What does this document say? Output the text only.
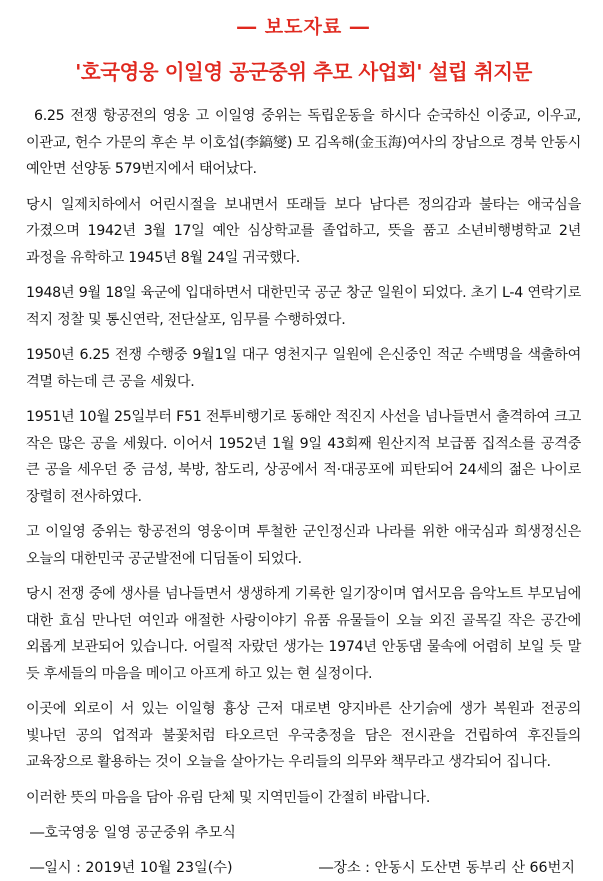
― 보도자료 ―
'호국영웅 이일영 공군중위 추모 사업회' 설립 취지문

6.25 전쟁 항공전의 영웅 고 이일영 중위는 독립운동을 하시다 순국하신 이중교, 이우교, 이관교, 헌수 가문의 후손 부 이호섭(李鎬燮) 모 김옥해(金玉海)여사의 장남으로 경북 안동시 예안면 선양동 579번지에서 태어났다.

당시 일제치하에서 어린시절을 보내면서 또래들 보다 남다른 정의감과 불타는 애국심을 가졌으며 1942년 3월 17일 예안 심상학교를 졸업하고, 뜻을 품고 소년비행병학교 2년 과정을 유학하고 1945년 8월 24일 귀국했다.

1948년 9월 18일 육군에 입대하면서 대한민국 공군 창군 일원이 되었다. 초기 L-4 연락기로 적지 정찰 및 통신연락, 전단살포, 임무를 수행하였다.

1950년 6.25 전쟁 수행중 9월1일 대구 영천지구 일원에 은신중인 적군 수백명을 색출하여 격멸 하는데 큰 공을 세웠다.

1951년 10월 25일부터 F51 전투비행기로 동해안 적진지 사선을 넘나들면서 출격하여 크고 작은 많은 공을 세웠다. 이어서 1952년 1월 9일 43회째 원산지적 보급품 집적소를 공격중 큰 공을 세우던 중 금성, 북방, 참도리, 상공에서 적·대공포에 피탄되어 24세의 젊은 나이로 장렬히 전사하였다.

고 이일영 중위는 항공전의 영웅이며 투철한 군인정신과 나라를 위한 애국심과 희생정신은 오늘의 대한민국 공군발전에 디딤돌이 되었다.

당시 전쟁 중에 생사를 넘나들면서 생생하게 기록한 일기장이며 엽서모음 음악노트 부모님에 대한 효심 만나던 여인과 애절한 사랑이야기 유품 유물들이 오늘 외진 골목길 작은 공간에 외롭게 보관되어 있습니다. 어릴적 자랐던 생가는 1974년 안동댐 물속에 어렴히 보일 듯 말 듯 후세들의 마음을 메이고 아프게 하고 있는 현 실정이다.

이곳에 외로이 서 있는 이일형 흉상 근저 대로변 양지바른 산기슭에 생가 복원과 전공의 빛나던 공의 업적과 불꽃처럼 타오르던 우국충정을 담은 전시관을 건립하여 후진들의 교육장으로 활용하는 것이 오늘을 살아가는 우리들의 의무와 책무라고 생각되어 집니다.

이러한 뜻의 마음을 담아 유림 단체 및 지역민들이 간절히 바랍니다.

―호국영웅 일영 공군중위 추모식
―일시 : 2019년 10월 23일(수)	―장소 : 안동시 도산면 동부리 산 66번지
